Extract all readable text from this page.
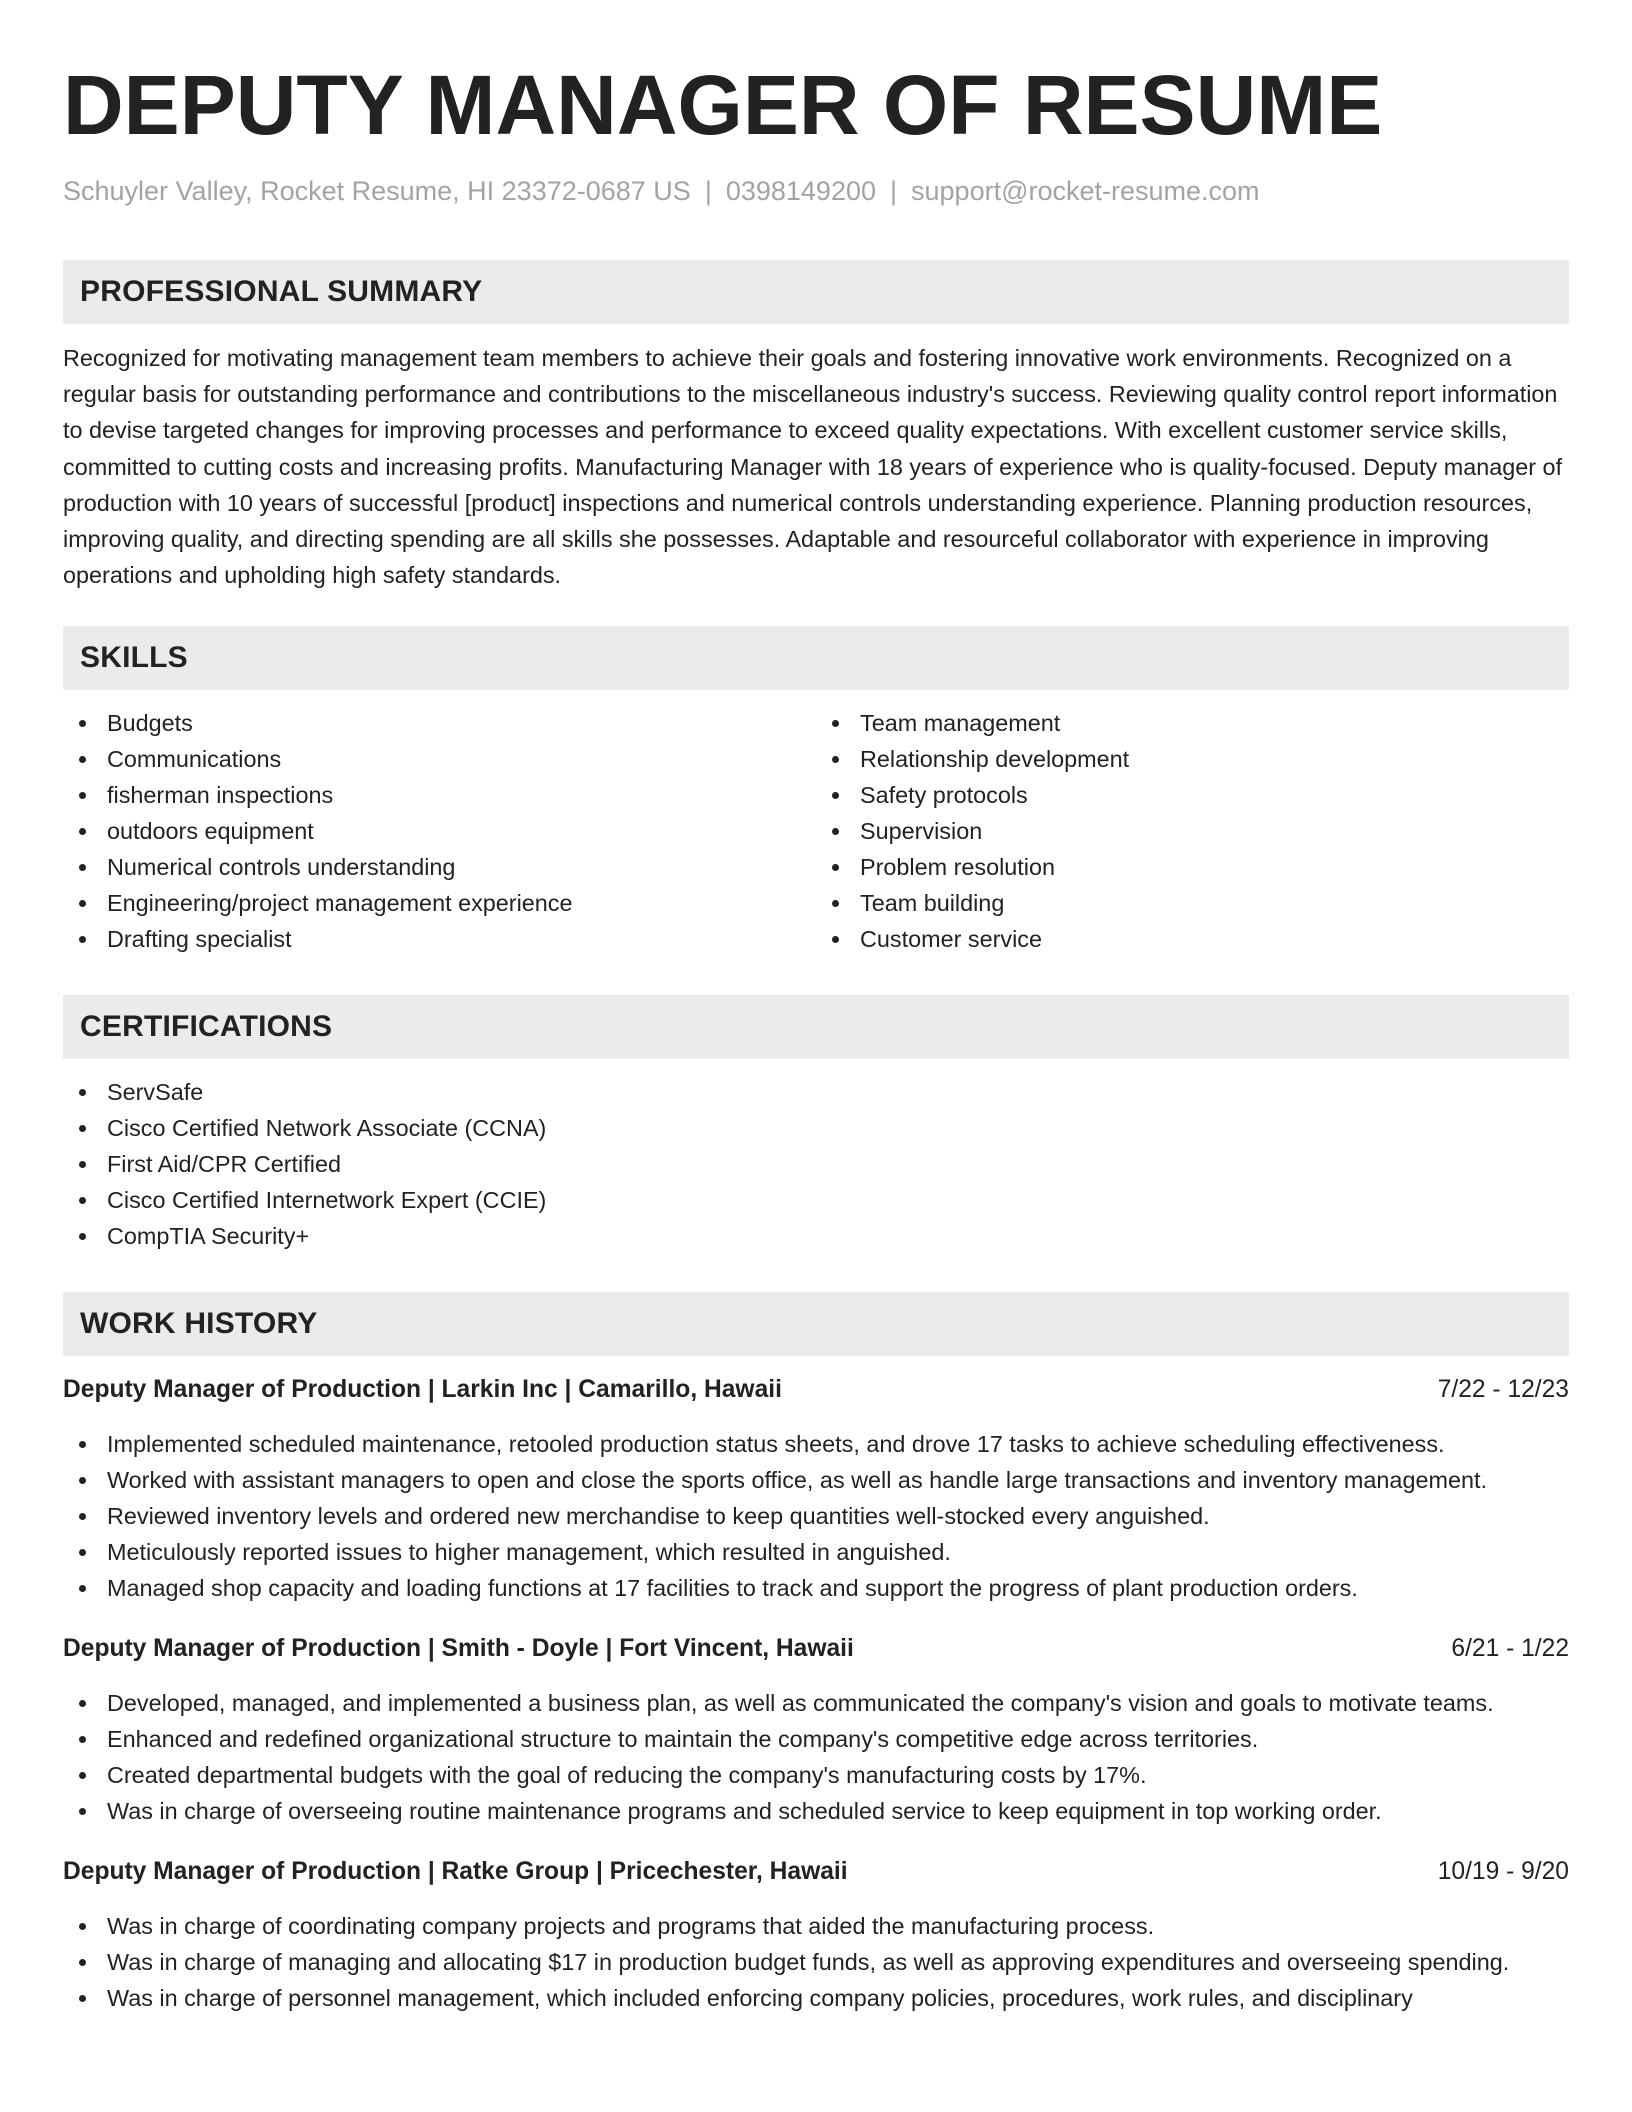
DEPUTY MANAGER OF RESUME
Schuyler Valley, Rocket Resume, HI 23372-0687 US | 0398149200 | support@rocket-resume.com
PROFESSIONAL SUMMARY

Recognized for motivating management team members to achieve their goals and fostering innovative work environments. Recognized on a regular basis for outstanding performance and contributions to the miscellaneous industry's success. Reviewing quality control report information to devise targeted changes for improving processes and performance to exceed quality expectations. With excellent customer service skills, committed to cutting costs and increasing profits. Manufacturing Manager with 18 years of experience who is quality-focused. Deputy manager of production with 10 years of successful [product] inspections and numerical controls understanding experience. Planning production resources, improving quality, and directing spending are all skills she possesses. Adaptable and resourceful collaborator with experience in improving operations and upholding high safety standards.

SKILLS
Budgets
Communications
fisherman inspections
outdoors equipment
Numerical controls understanding
Engineering/project management experience
Drafting specialist
Team management
Relationship development
Safety protocols
Supervision
Problem resolution
Team building
Customer service
CERTIFICATIONS
ServSafe
Cisco Certified Network Associate (CCNA)
First Aid/CPR Certified
Cisco Certified Internetwork Expert (CCIE)
CompTIA Security+
WORK HISTORY
Deputy Manager of Production | Larkin Inc | Camarillo, Hawaii	7/22 - 12/23
Implemented scheduled maintenance, retooled production status sheets, and drove 17 tasks to achieve scheduling effectiveness.
Worked with assistant managers to open and close the sports office, as well as handle large transactions and inventory management.
Reviewed inventory levels and ordered new merchandise to keep quantities well-stocked every anguished.
Meticulously reported issues to higher management, which resulted in anguished.
Managed shop capacity and loading functions at 17 facilities to track and support the progress of plant production orders.
Deputy Manager of Production | Smith - Doyle | Fort Vincent, Hawaii	6/21 - 1/22
Developed, managed, and implemented a business plan, as well as communicated the company's vision and goals to motivate teams.
Enhanced and redefined organizational structure to maintain the company's competitive edge across territories.
Created departmental budgets with the goal of reducing the company's manufacturing costs by 17%.
Was in charge of overseeing routine maintenance programs and scheduled service to keep equipment in top working order.
Deputy Manager of Production | Ratke Group | Pricechester, Hawaii	10/19 - 9/20
Was in charge of coordinating company projects and programs that aided the manufacturing process.
Was in charge of managing and allocating $17 in production budget funds, as well as approving expenditures and overseeing spending.
Was in charge of personnel management, which included enforcing company policies, procedures, work rules, and disciplinary
